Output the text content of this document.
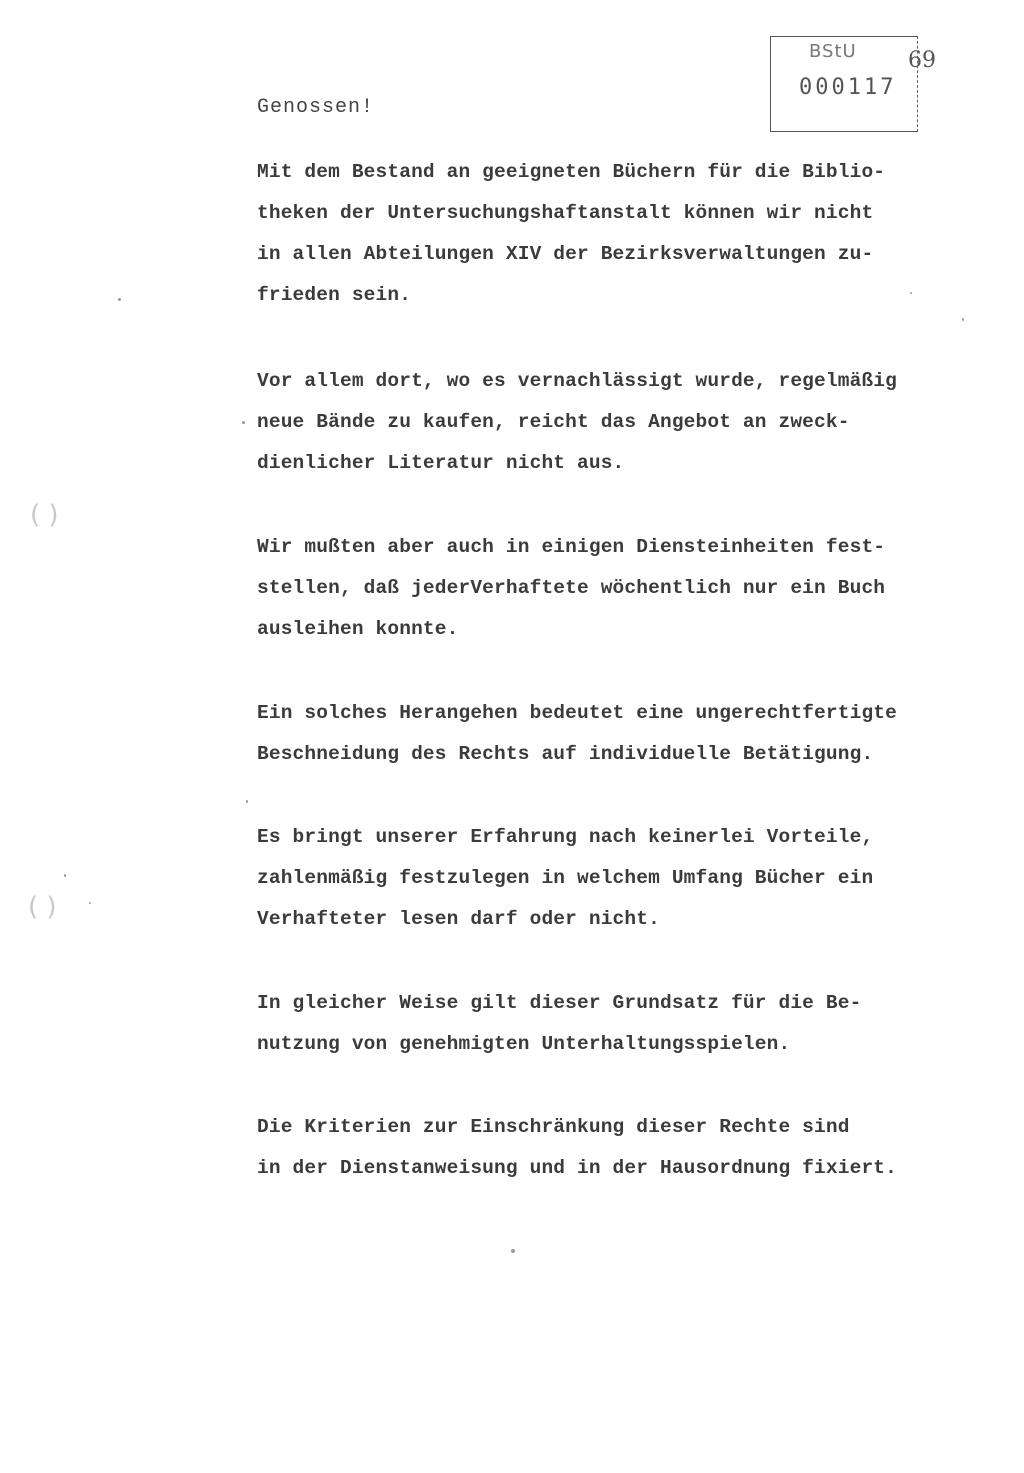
BStU
000117
69
Genossen!

Mit dem Bestand an geeigneten Büchern für die Biblio-
theken der Untersuchungshaftanstalt können wir nicht
in allen Abteilungen XIV der Bezirksverwaltungen zu-
frieden sein.

Vor allem dort, wo es vernachlässigt wurde, regelmäßig
neue Bände zu kaufen, reicht das Angebot an zweck-
dienlicher Literatur nicht aus.

Wir mußten aber auch in einigen Diensteinheiten fest-
stellen, daß jederVerhaftete wöchentlich nur ein Buch
ausleihen konnte.

Ein solches Herangehen bedeutet eine ungerechtfertigte
Beschneidung des Rechts auf individuelle Betätigung.

Es bringt unserer Erfahrung nach keinerlei Vorteile,
zahlenmäßig festzulegen in welchem Umfang Bücher ein
Verhafteter lesen darf oder nicht.

In gleicher Weise gilt dieser Grundsatz für die Be-
nutzung von genehmigten Unterhaltungsspielen.

Die Kriterien zur Einschränkung dieser Rechte sind
in der Dienstanweisung und in der Hausordnung fixiert.

( )
( )
